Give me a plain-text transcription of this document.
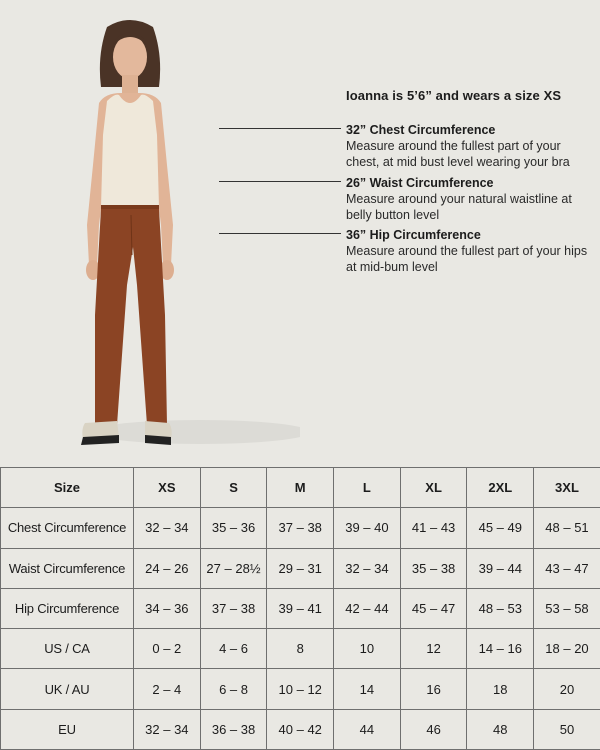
Ioanna is 5’6” and wears a size XS
32” Chest Circumference
Measure around the fullest part of your
chest, at mid bust level wearing your bra
26” Waist Circumference
Measure around your natural waistline at
belly button level
36” Hip Circumference
Measure around the fullest part of your hips
at mid-bum level
Size	XS	S	M	L	XL	2XL	3XL
Chest Circumference	32 – 34	35 – 36	37 – 38	39 – 40	41 – 43	45 – 49	48 – 51
Waist Circumference	24 – 26	27 – 28½	29 – 31	32 – 34	35 – 38	39 – 44	43 – 47
Hip Circumference	34 – 36	37 – 38	39 – 41	42 – 44	45 – 47	48 – 53	53 – 58
US / CA	0 – 2	4 – 6	8	10	12	14 – 16	18 – 20
UK / AU	2 – 4	6 – 8	10 – 12	14	16	18	20
EU	32 – 34	36 – 38	40 – 42	44	46	48	50
